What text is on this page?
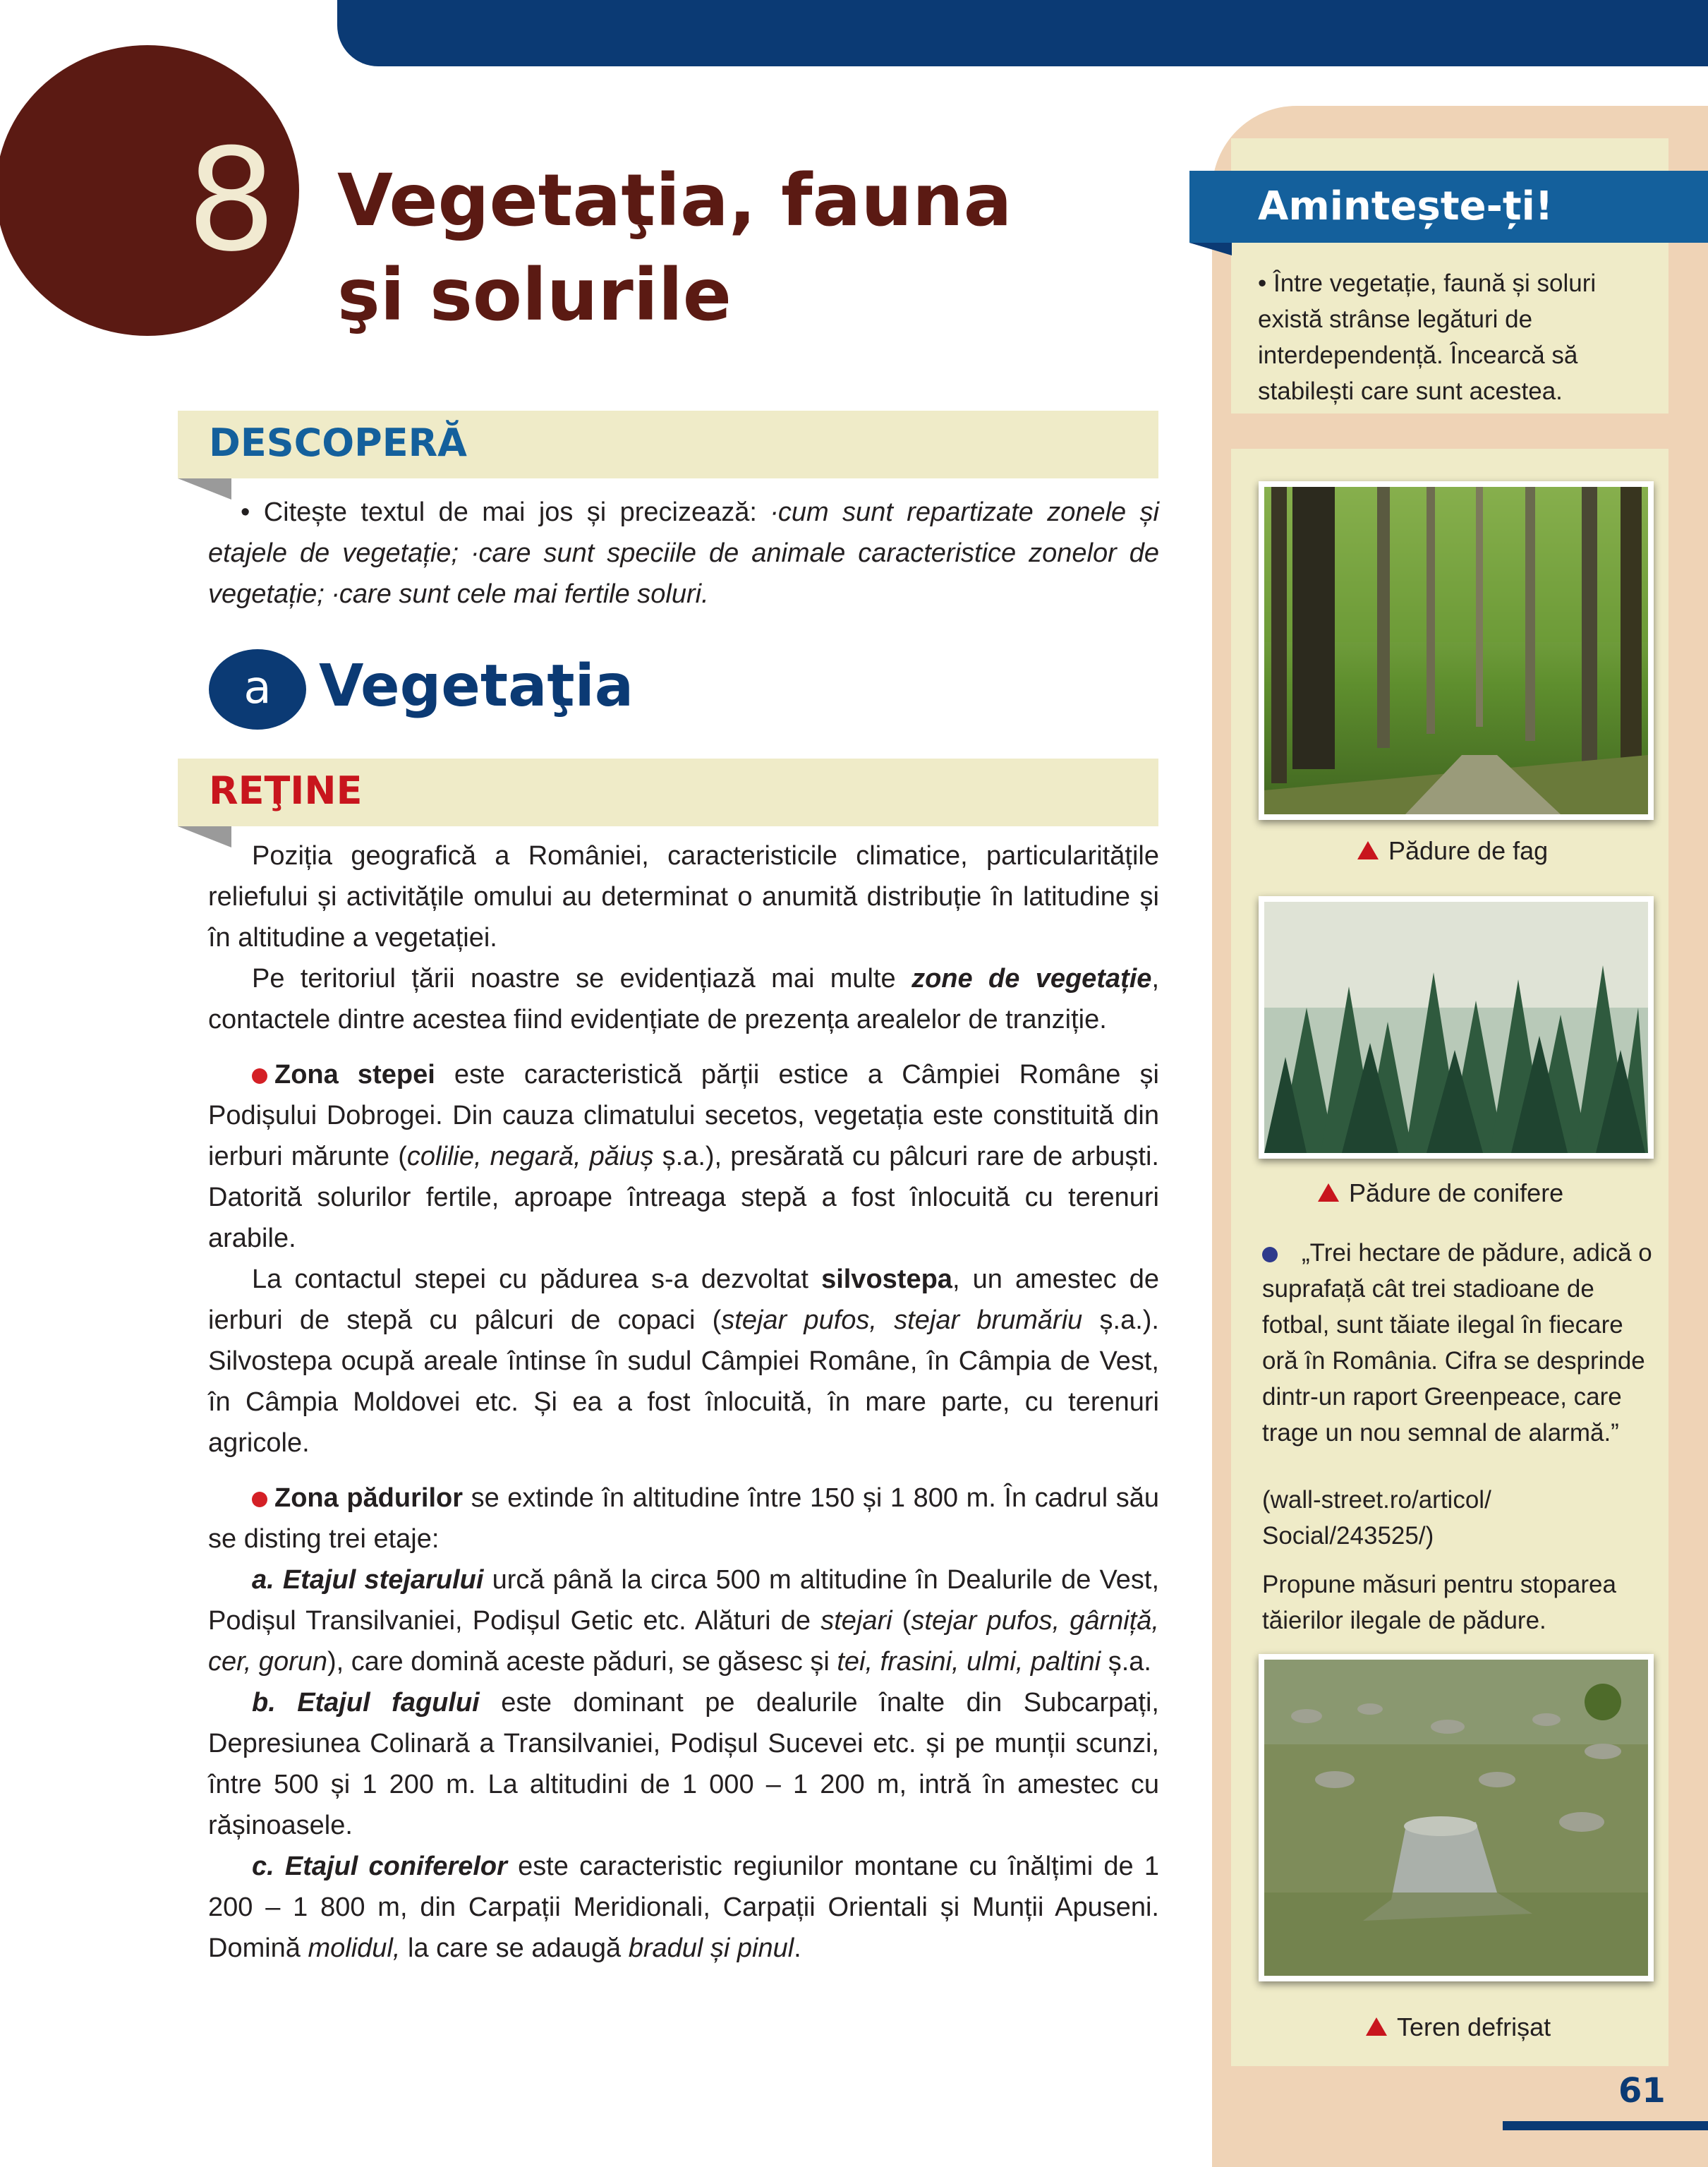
8 Vegetaţia, fauna
şi solurile
DESCOPERĂ

• Citește textul de mai jos și precizează: ∙cum sunt repartizate zonele și etajele de vegetație; ∙care sunt speciile de animale caracteristice zonelor de vegetație; ∙care sunt cele mai fertile soluri.

a Vegetaţia
REŢINE

Poziția geografică a României, caracteristicile climatice, particularitățile reliefului și activitățile omului au determinat o anumită distribuție în latitudine și în altitudine a vegetației.

Pe teritoriul țării noastre se evidențiază mai multe zone de vegetație, contactele dintre acestea fiind evidențiate de prezența arealelor de tranziție.

Zona stepei este caracteristică părții estice a Câmpiei Române și Podișului Dobrogei. Din cauza climatului secetos, vegetația este constituită din ierburi mărunte (colilie, negară, păiuș ș.a.), presărată cu pâlcuri rare de arbuști. Datorită solurilor fertile, aproape întreaga stepă a fost înlocuită cu terenuri arabile.

La contactul stepei cu pădurea s-a dezvoltat silvostepa, un amestec de ierburi de stepă cu pâlcuri de copaci (stejar pufos, stejar brumăriu ș.a.). Silvostepa ocupă areale întinse în sudul Câmpiei Române, în Câmpia de Vest, în Câmpia Moldovei etc. Și ea a fost înlocuită, în mare parte, cu terenuri agricole.

Zona pădurilor se extinde în altitudine între 150 și 1 800 m. În cadrul său se disting trei etaje:

a. Etajul stejarului urcă până la circa 500 m altitudine în Dealurile de Vest, Podișul Transilvaniei, Podișul Getic etc. Alături de stejari (stejar pufos, gârniță, cer, gorun), care domină aceste păduri, se găsesc și tei, frasini, ulmi, paltini ș.a.

b. Etajul fagului este dominant pe dealurile înalte din Subcarpați, Depresiunea Colinară a Transilvaniei, Podișul Sucevei etc. și pe munții scunzi, între 500 și 1 200 m. La altitudini de 1 000 – 1 200 m, intră în amestec cu rășinoasele.

c. Etajul coniferelor este caracteristic regiunilor montane cu înălțimi de 1 200 – 1 800 m, din Carpații Meridionali, Carpații Orientali și Munții Apuseni. Domină molidul, la care se adaugă bradul și pinul.

Amintește-ți!
• Între vegetație, faună și soluri există strânse legături de interdependență. Încearcă să stabilești care sunt acestea.
Pădure de fag
Pădure de conifere
„Trei hectare de pădure, adică o suprafață cât trei stadioane de fotbal, sunt tăiate ilegal în fiecare oră în România. Cifra se desprinde dintr-un raport Greenpeace, care trage un nou semnal de alarmă.”
(wall-street.ro/articol/ Social/243525/)
Propune măsuri pentru stoparea tăierilor ilegale de pădure.
Teren defrișat
61
